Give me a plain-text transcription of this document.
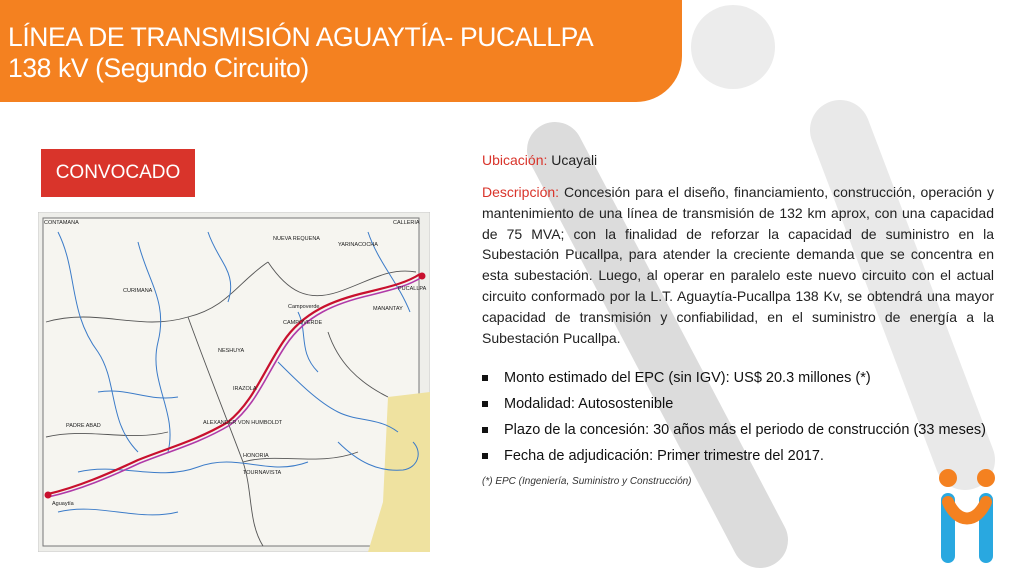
LÍNEA DE TRANSMISIÓN AGUAYTÍA- PUCALLPA
138 kV (Segundo Circuito)
CONVOCADO
CONTAMANA	CALLERIA
CURIMANA
NUEVA REQUENA
YARINACOCHA
PUCALLPA
MANANTAY
Campoverde
CAMPOVERDE
NESHUYA
IRAZOLA
ALEXANDER VON HUMBOLDT
PADRE ABAD
HONORIA
TOURNAVISTA
Aguaytía
Ubicación: Ucayali
Descripción: Concesión para el diseño, financiamiento, construcción, operación y mantenimiento de una línea de transmisión de 132 km aprox, con una capacidad de 75 MVA; con la finalidad de reforzar la capacidad de suministro en la Subestación Pucallpa, para atender la creciente demanda que se concentra en esta subestación. Luego, al operar en paralelo este nuevo circuito con el actual circuito conformado por la L.T. Aguaytía-Pucallpa 138 Kv, se obtendrá una mayor capacidad de transmisión y confiabilidad, en el suministro de energía a la Subestación Pucallpa.
Monto estimado del EPC (sin IGV): US$ 20.3 millones (*)
Modalidad: Autosostenible
Plazo de la concesión: 30 años más el periodo de construcción (33 meses)
Fecha de adjudicación: Primer trimestre del 2017.
(*) EPC (Ingeniería, Suministro y Construcción)
